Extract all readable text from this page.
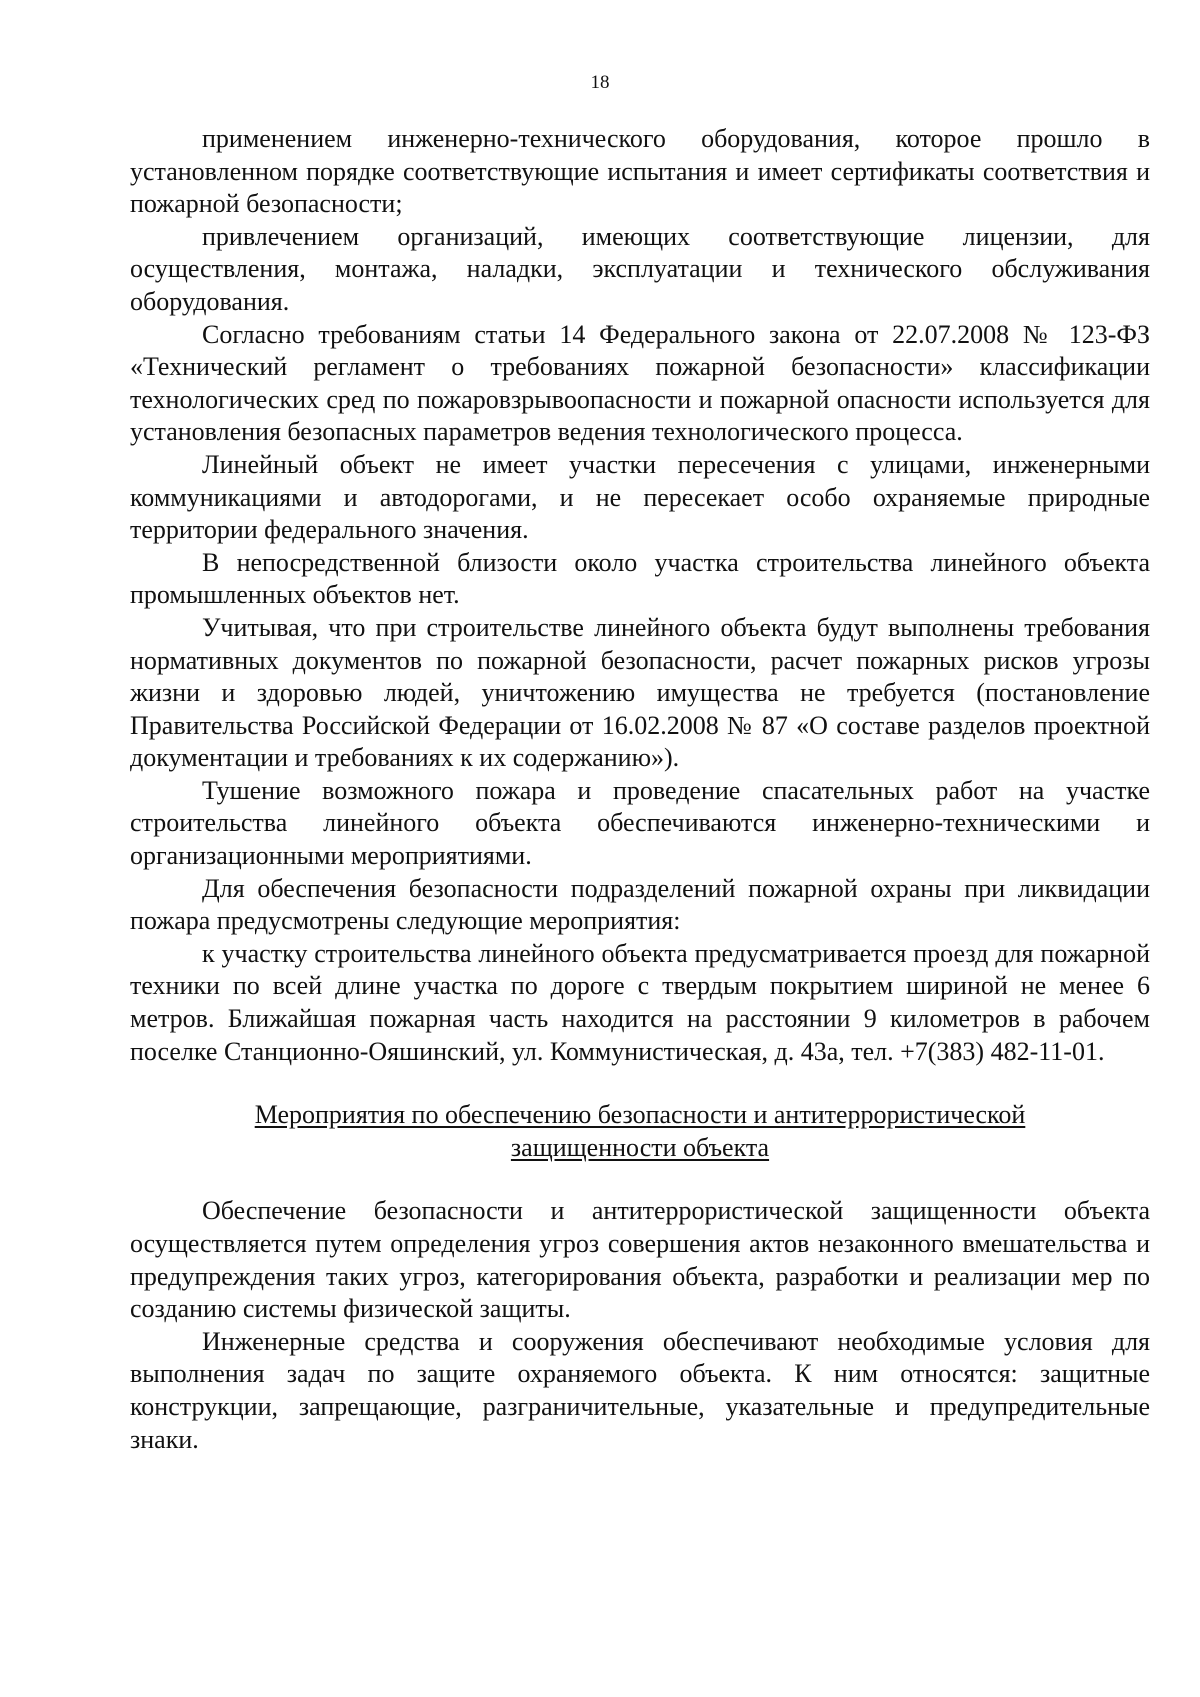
18

применением инженерно-технического оборудования, которое прошло в установленном порядке соответствующие испытания и имеет сертификаты соответствия и пожарной безопасности;

привлечением организаций, имеющих соответствующие лицензии, для осуществления, монтажа, наладки, эксплуатации и технического обслуживания оборудования.

Согласно требованиям статьи 14 Федерального закона от 22.07.2008 № 123-ФЗ «Технический регламент о требованиях пожарной безопасности» классификации технологических сред по пожаровзрывоопасности и пожарной опасности используется для установления безопасных параметров ведения технологического процесса.

Линейный объект не имеет участки пересечения с улицами, инженерными коммуникациями и автодорогами, и не пересекает особо охраняемые природные территории федерального значения.

В непосредственной близости около участка строительства линейного объекта промышленных объектов нет.

Учитывая, что при строительстве линейного объекта будут выполнены требования нормативных документов по пожарной безопасности, расчет пожарных рисков угрозы жизни и здоровью людей, уничтожению имущества не требуется (постановление Правительства Российской Федерации от 16.02.2008 № 87 «О составе разделов проектной документации и требованиях к их содержанию»).

Тушение возможного пожара и проведение спасательных работ на участке строительства линейного объекта обеспечиваются инженерно-техническими и организационными мероприятиями.

Для обеспечения безопасности подразделений пожарной охраны при ликвидации пожара предусмотрены следующие мероприятия:

к участку строительства линейного объекта предусматривается проезд для пожарной техники по всей длине участка по дороге с твердым покрытием шириной не менее 6 метров. Ближайшая пожарная часть находится на расстоянии 9 километров в рабочем поселке Станционно-Ояшинский, ул. Коммунистическая, д. 43а, тел. +7(383) 482-11-01.

Мероприятия по обеспечению безопасности и антитеррористической
защищенности объекта

Обеспечение безопасности и антитеррористической защищенности объекта осуществляется путем определения угроз совершения актов незаконного вмешательства и предупреждения таких угроз, категорирования объекта, разработки и реализации мер по созданию системы физической защиты.

Инженерные средства и сооружения обеспечивают необходимые условия для выполнения задач по защите охраняемого объекта. К ним относятся: защитные конструкции, запрещающие, разграничительные, указательные и предупредительные знаки.
